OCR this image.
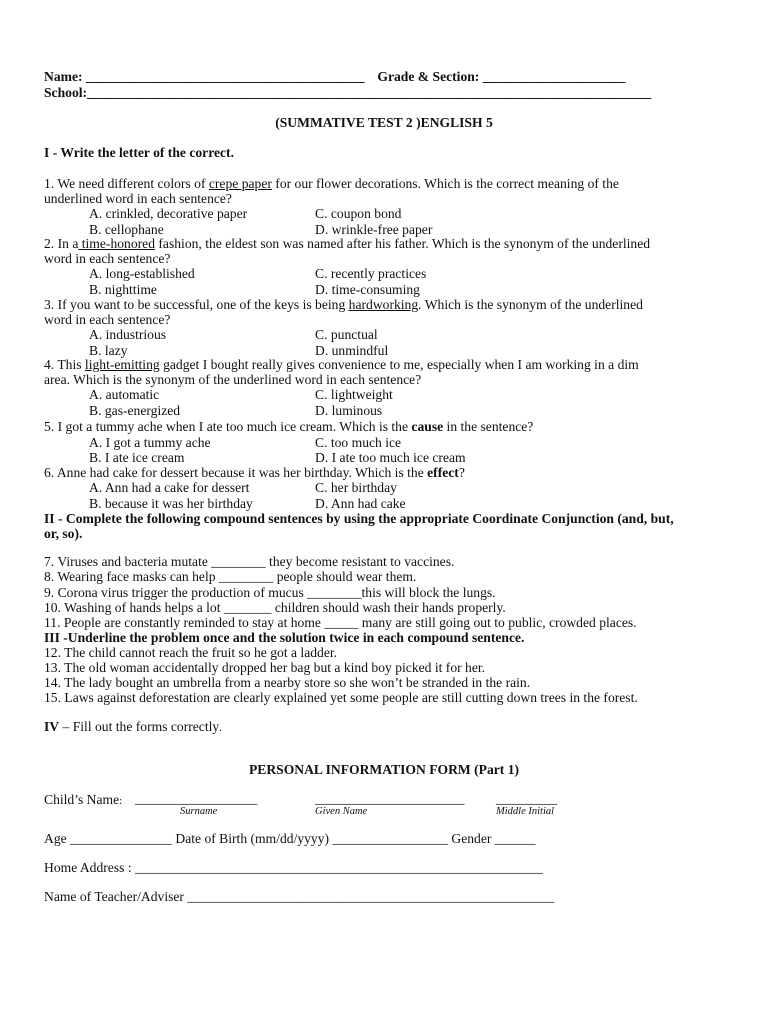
Name: _________________________________________ Grade & Section: _____________________
School:___________________________________________________________________________________
(SUMMATIVE TEST 2 )ENGLISH 5
I - Write the letter of the correct.
1. We need different colors of crepe paper for our flower decorations. Which is the correct meaning of the
underlined word in each sentence?
A. crinkled, decorative paper	C. coupon bond
B. cellophane	D. wrinkle-free paper
2. In a time-honored fashion, the eldest son was named after his father. Which is the synonym of the underlined
word in each sentence?
A. long-established	C. recently practices
B. nighttime	D. time-consuming
3. If you want to be successful, one of the keys is being hardworking. Which is the synonym of the underlined
word in each sentence?
A. industrious	C. punctual
B. lazy	D. unmindful
4. This light-emitting gadget I bought really gives convenience to me, especially when I am working in a dim
area. Which is the synonym of the underlined word in each sentence?
A. automatic	C. lightweight
B. gas-energized	D. luminous
5. I got a tummy ache when I ate too much ice cream. Which is the cause in the sentence?
A. I got a tummy ache	C. too much ice
B. I ate ice cream	D. I ate too much ice cream
6. Anne had cake for dessert because it was her birthday. Which is the effect?
A. Ann had a cake for dessert	C. her birthday
B. because it was her birthday	D. Ann had cake
II - Complete the following compound sentences by using the appropriate Coordinate Conjunction (and, but,
or, so).
7. Viruses and bacteria mutate ________ they become resistant to vaccines.
8. Wearing face masks can help ________ people should wear them.
9. Corona virus trigger the production of mucus ________this will block the lungs.
10. Washing of hands helps a lot _______ children should wash their hands properly.
11. People are constantly reminded to stay at home _____ many are still going out to public, crowded places.
III -Underline the problem once and the solution twice in each compound sentence.
12. The child cannot reach the fruit so he got a ladder.
13. The old woman accidentally dropped her bag but a kind boy picked it for her.
14. The lady bought an umbrella from a nearby store so she won’t be stranded in the rain.
15. Laws against deforestation are clearly explained yet some people are still cutting down trees in the forest.
IV – Fill out the forms correctly.
PERSONAL INFORMATION FORM (Part 1)
Child’s Name: __________________	______________________ _________
Surname	Given Name	Middle Initial
Age _______________ Date of Birth (mm/dd/yyyy) _________________ Gender ______
Home Address : ____________________________________________________________
Name of Teacher/Adviser ______________________________________________________
